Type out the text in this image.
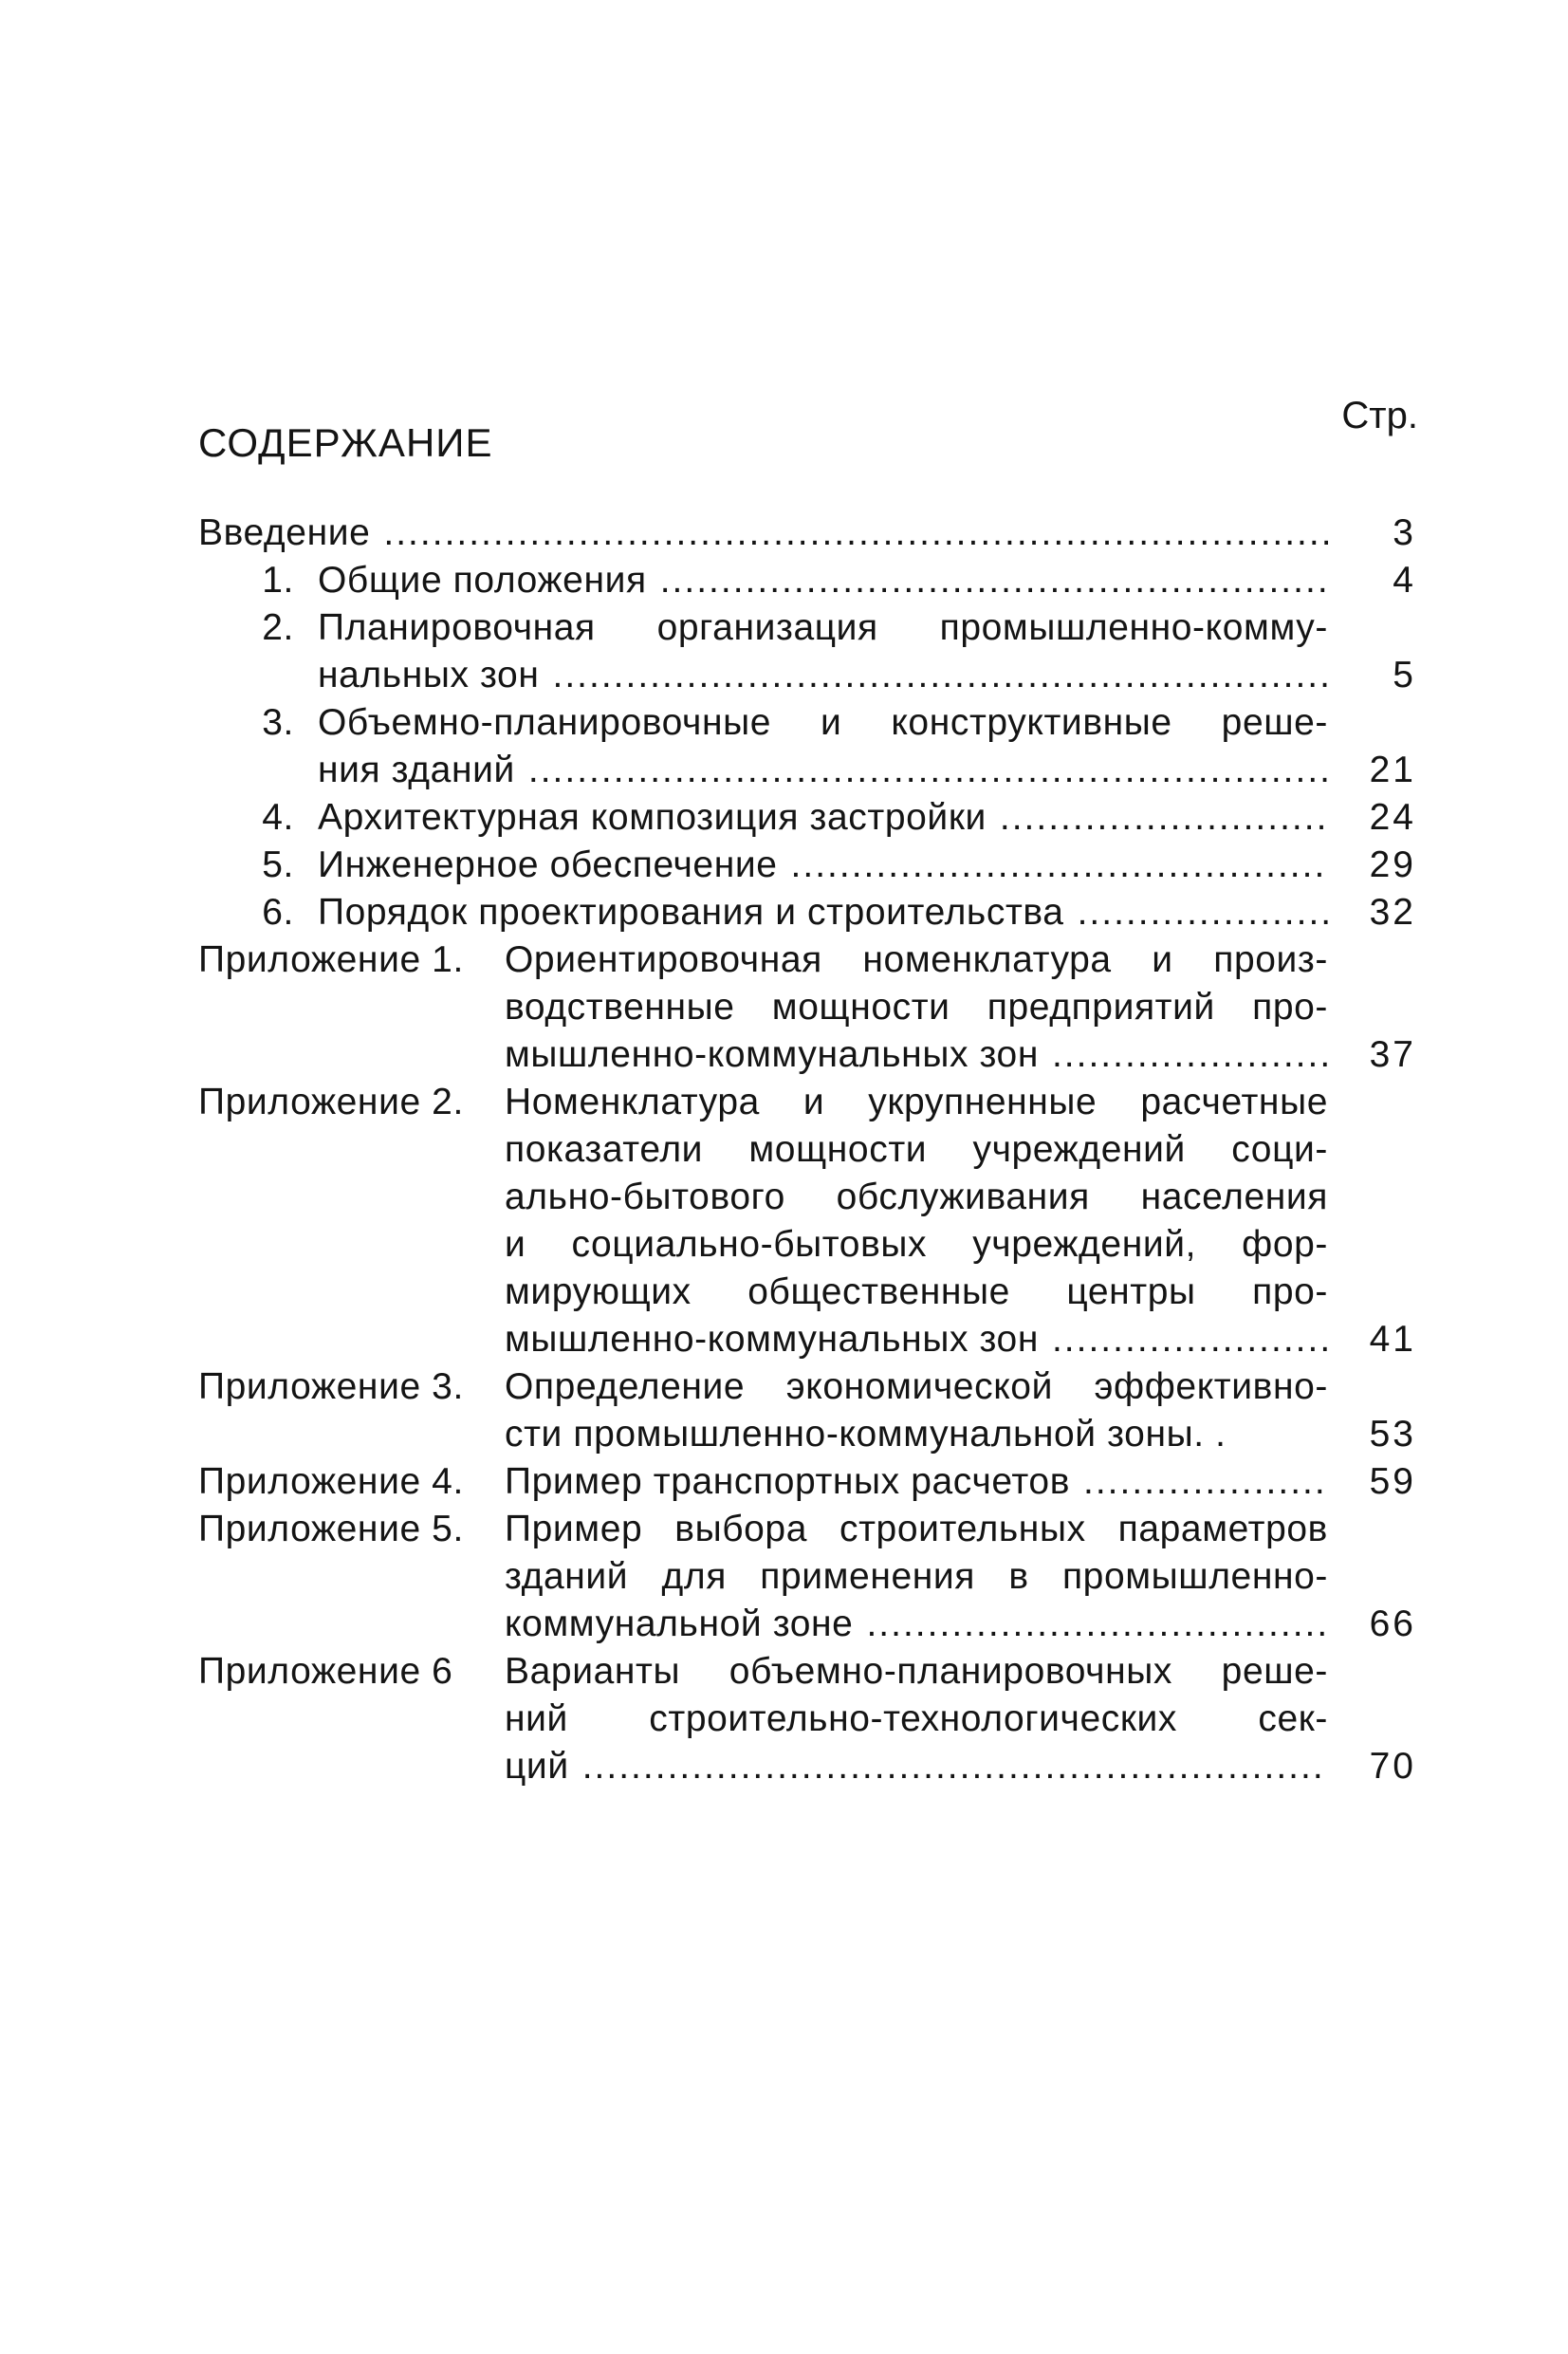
СОДЕРЖАНИЕ
Стр.
Введение .....	3
1. Общие положения .....	4
2. Планировочная организация промышленно-комму-
нальных зон .....	5
3. Объемно-планировочные и конструктивные реше-
ния зданий .....	21
4. Архитектурная композиция застройки .....	24
5. Инженерное обеспечение .....	29
6. Порядок проектирования и строительства .....	32
Приложение 1. Ориентировочная номенклатура и произ-
водственные мощности предприятий про-
мышленно-коммунальных зон .....	37
Приложение 2. Номенклатура и укрупненные расчетные
показатели мощности учреждений соци-
ально-бытового обслуживания населения
и социально-бытовых учреждений, фор-
мирующих общественные центры про-
мышленно-коммунальных зон .....	41
Приложение 3. Определение экономической эффективно-
сти промышленно-коммунальной зоны. .	53
Приложение 4. Пример транспортных расчетов .....	59
Приложение 5. Пример выбора строительных параметров
зданий для применения в промышленно-
коммунальной зоне .....	66
Приложение 6 Варианты объемно-планировочных реше-
ний строительно-технологических сек-
ций .....	70
